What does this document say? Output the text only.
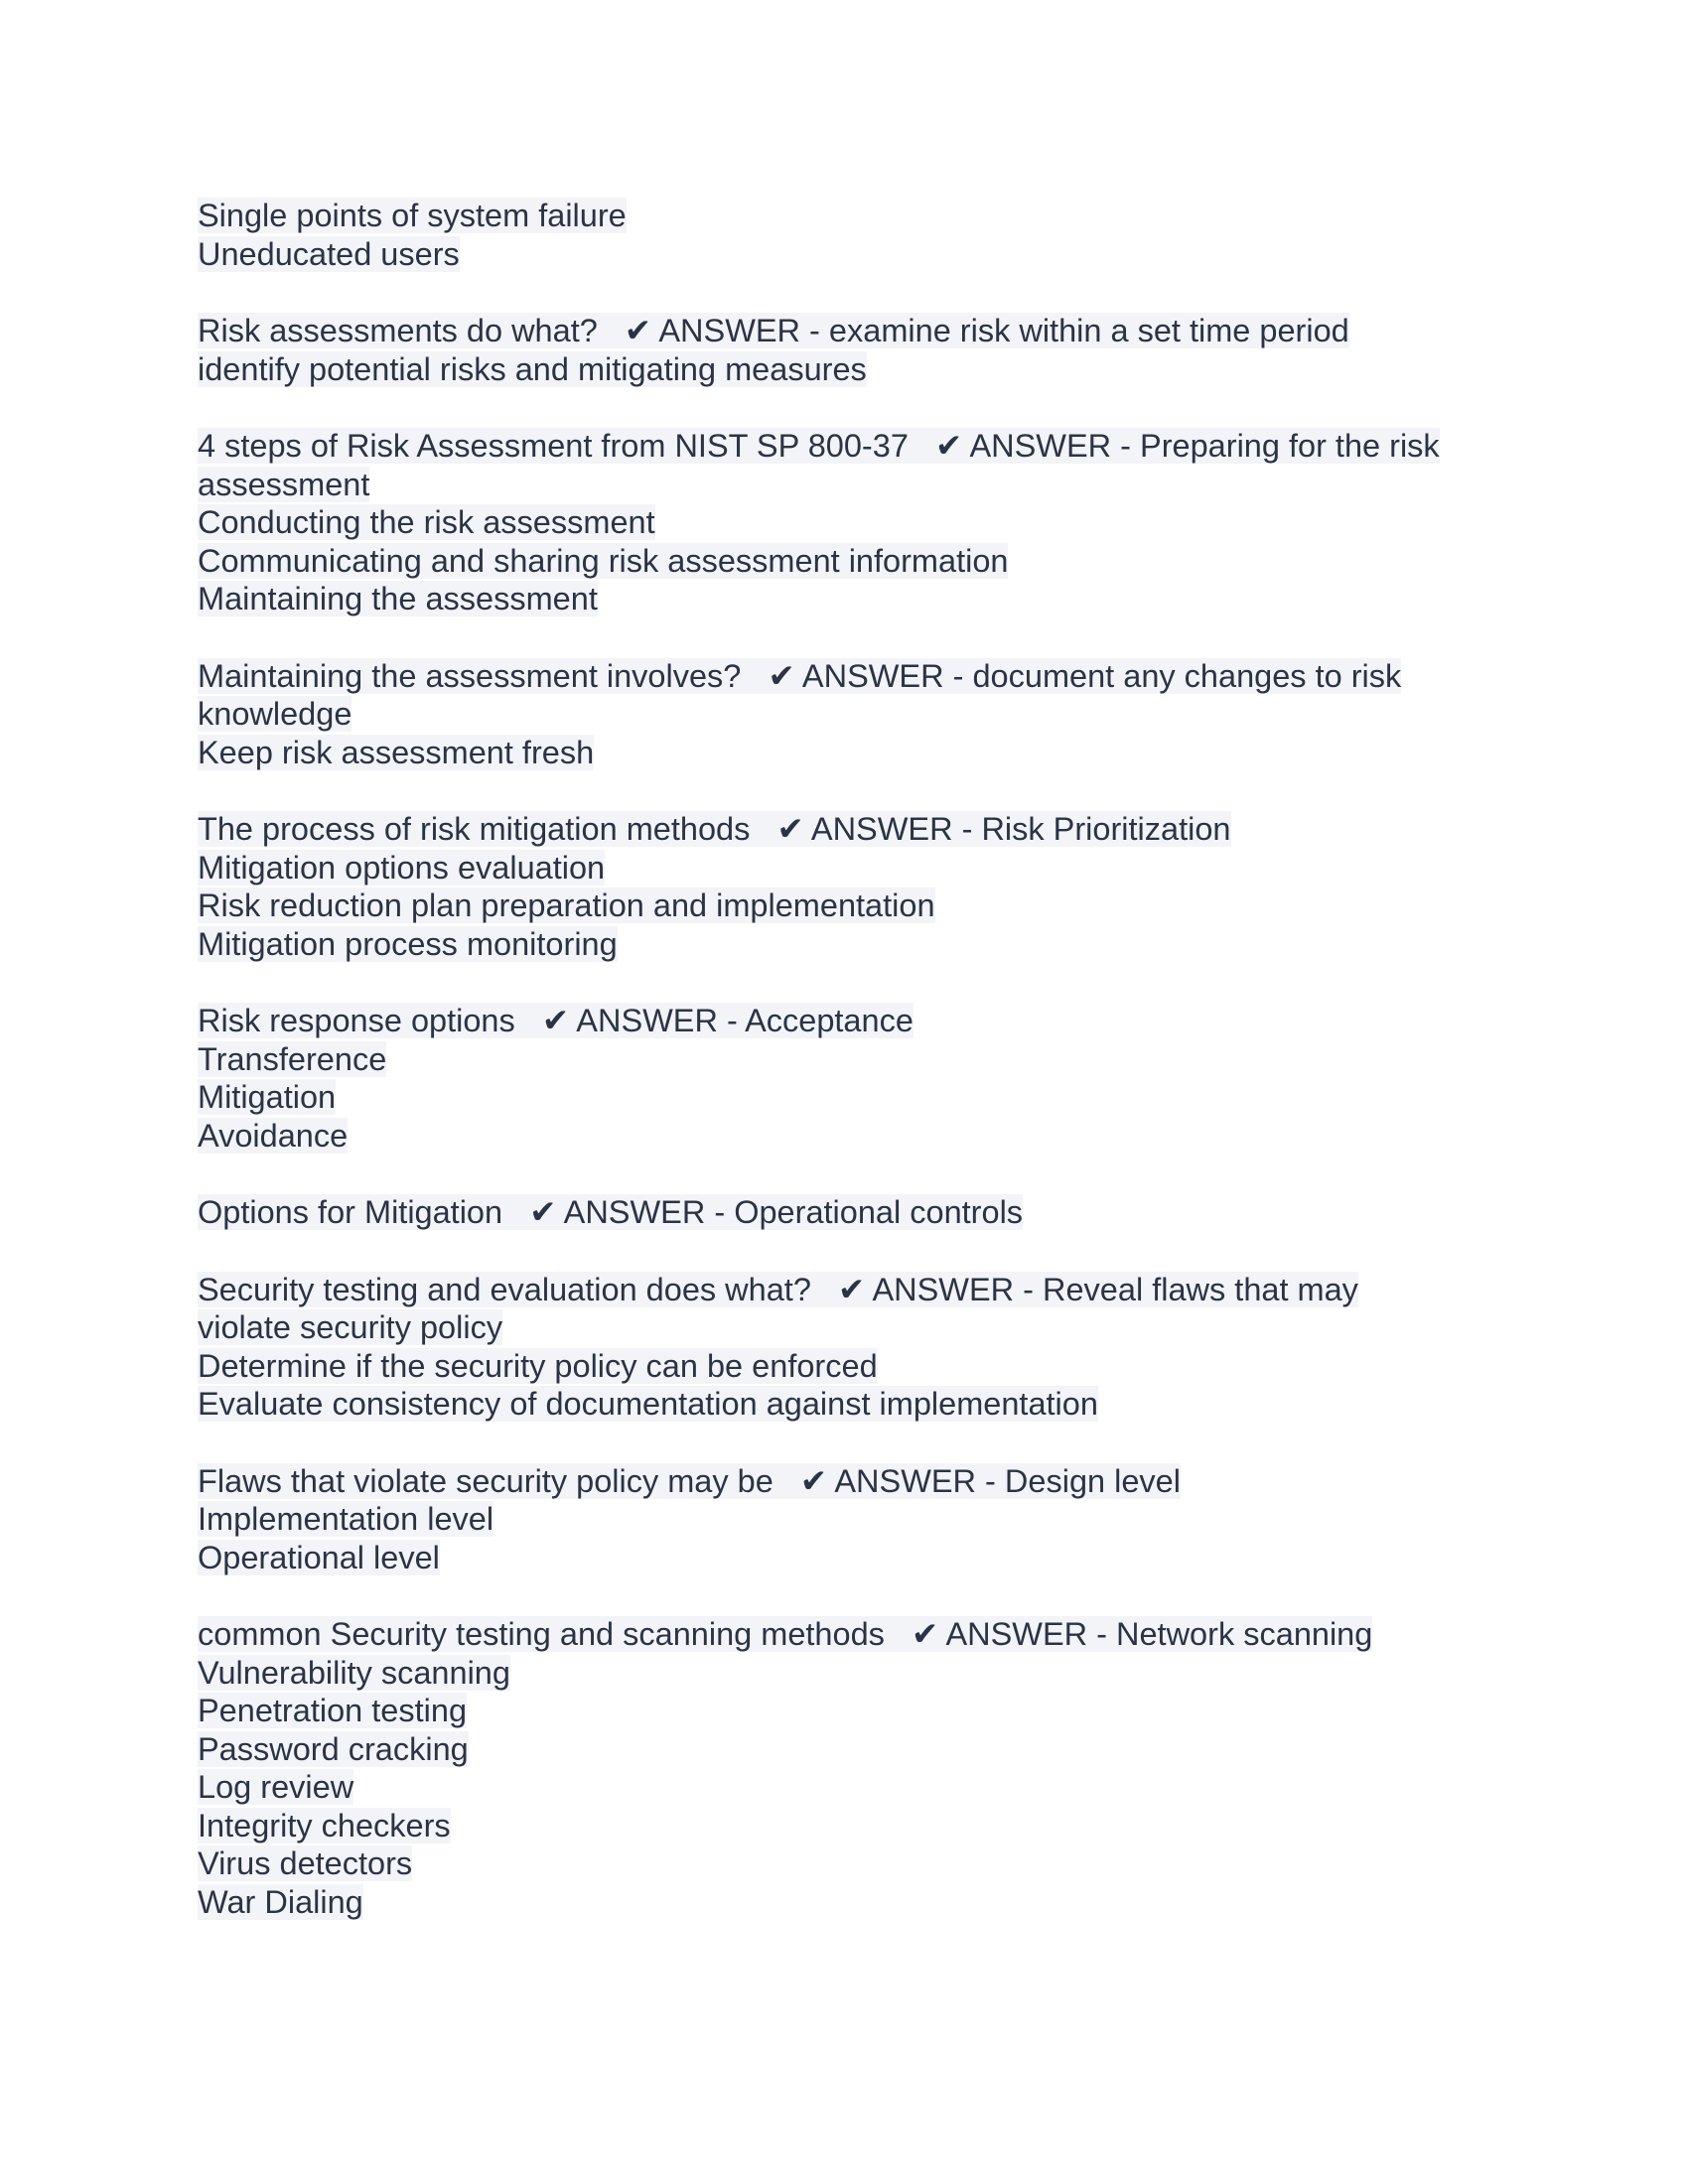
Single points of system failure
Uneducated users
Risk assessments do what? ✔ ANSWER - examine risk within a set time period
identify potential risks and mitigating measures
4 steps of Risk Assessment from NIST SP 800-37 ✔ ANSWER - Preparing for the risk
assessment
Conducting the risk assessment
Communicating and sharing risk assessment information
Maintaining the assessment
Maintaining the assessment involves? ✔ ANSWER - document any changes to risk
knowledge
Keep risk assessment fresh
The process of risk mitigation methods ✔ ANSWER - Risk Prioritization
Mitigation options evaluation
Risk reduction plan preparation and implementation
Mitigation process monitoring
Risk response options ✔ ANSWER - Acceptance
Transference
Mitigation
Avoidance
Options for Mitigation ✔ ANSWER - Operational controls
Security testing and evaluation does what? ✔ ANSWER - Reveal flaws that may
violate security policy
Determine if the security policy can be enforced
Evaluate consistency of documentation against implementation
Flaws that violate security policy may be ✔ ANSWER - Design level
Implementation level
Operational level
common Security testing and scanning methods ✔ ANSWER - Network scanning
Vulnerability scanning
Penetration testing
Password cracking
Log review
Integrity checkers
Virus detectors
War Dialing
